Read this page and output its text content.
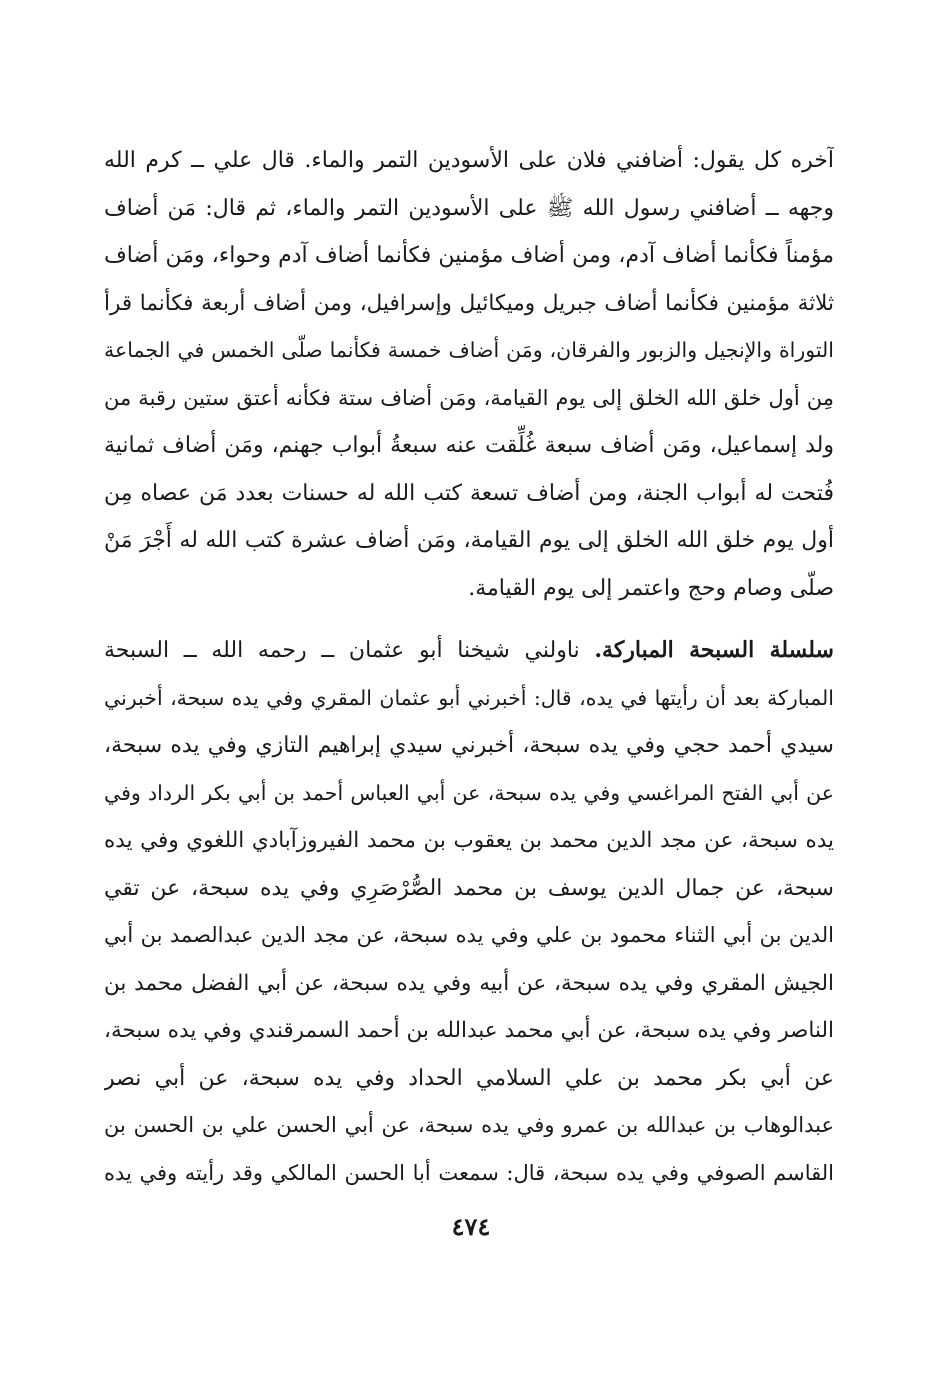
آخره كل يقول: أضافني فلان على الأسودين التمر والماء. قال علي ــ كرم الله
وجهه ــ أضافني رسول الله ﷺ على الأسودين التمر والماء، ثم قال: مَن أضاف
مؤمناً فكأنما أضاف آدم، ومن أضاف مؤمنين فكأنما أضاف آدم وحواء، ومَن أضاف
ثلاثة مؤمنين فكأنما أضاف جبريل وميكائيل وإسرافيل، ومن أضاف أربعة فكأنما قرأ
التوراة والإنجيل والزبور والفرقان، ومَن أضاف خمسة فكأنما صلّى الخمس في الجماعة
مِن أول خلق الله الخلق إلى يوم القيامة، ومَن أضاف ستة فكأنه أعتق ستين رقبة من
ولد إسماعيل، ومَن أضاف سبعة غُلِّقت عنه سبعةُ أبواب جهنم، ومَن أضاف ثمانية
فُتحت له أبواب الجنة، ومن أضاف تسعة كتب الله له حسنات بعدد مَن عصاه مِن
أول يوم خلق الله الخلق إلى يوم القيامة، ومَن أضاف عشرة كتب الله له أَجْرَ مَنْ
صلّى وصام وحج واعتمر إلى يوم القيامة.
سلسلة السبحة المباركة. ناولني شيخنا أبو عثمان ــ رحمه الله ــ السبحة
المباركة بعد أن رأيتها في يده، قال: أخبرني أبو عثمان المقري وفي يده سبحة، أخبرني
سيدي أحمد حجي وفي يده سبحة، أخبرني سيدي إبراهيم التازي وفي يده سبحة،
عن أبي الفتح المراغسي وفي يده سبحة، عن أبي العباس أحمد بن أبي بكر الرداد وفي
يده سبحة، عن مجد الدين محمد بن يعقوب بن محمد الفيروزآبادي اللغوي وفي يده
سبحة، عن جمال الدين يوسف بن محمد الصُّرْصَرِي وفي يده سبحة، عن تقي
الدين بن أبي الثناء محمود بن علي وفي يده سبحة، عن مجد الدين عبدالصمد بن أبي
الجيش المقري وفي يده سبحة، عن أبيه وفي يده سبحة، عن أبي الفضل محمد بن
الناصر وفي يده سبحة، عن أبي محمد عبدالله بن أحمد السمرقندي وفي يده سبحة،
عن أبي بكر محمد بن علي السلامي الحداد وفي يده سبحة، عن أبي نصر
عبدالوهاب بن عبدالله بن عمرو وفي يده سبحة، عن أبي الحسن علي بن الحسن بن
القاسم الصوفي وفي يده سبحة، قال: سمعت أبا الحسن المالكي وقد رأيته وفي يده
٤٧٤
